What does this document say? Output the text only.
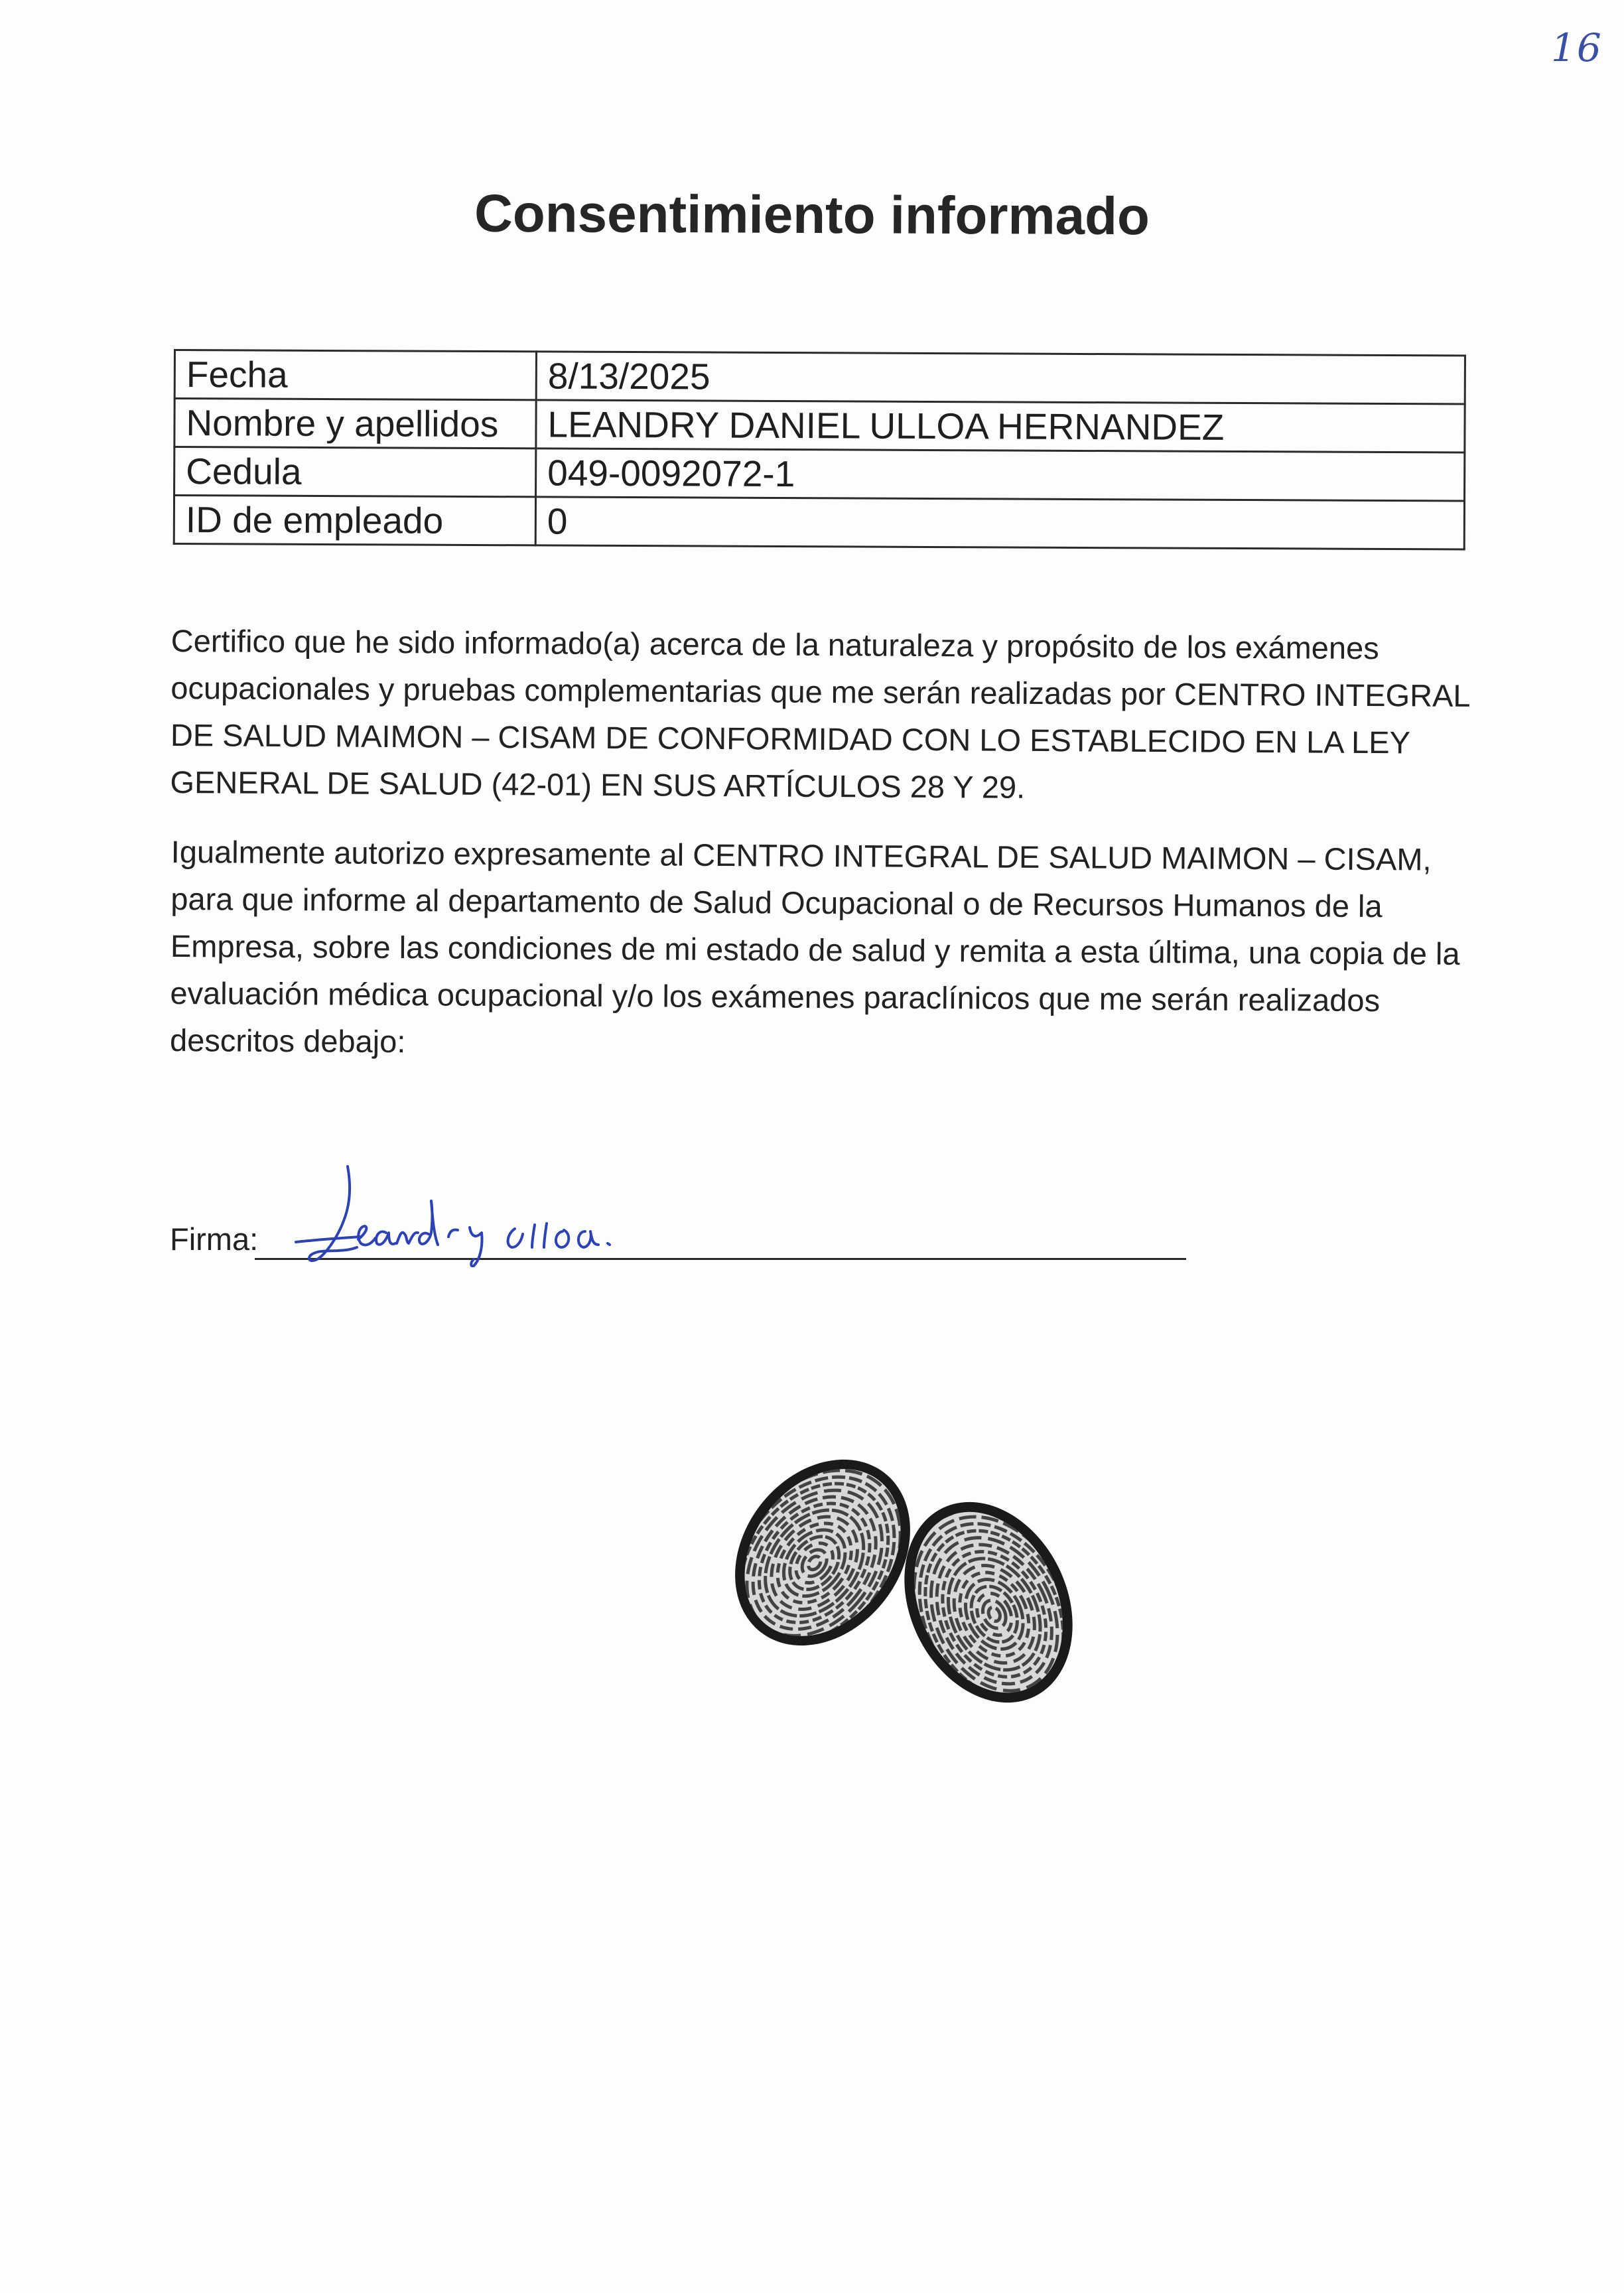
16
Consentimiento informado
Fecha	8/13/2025
Nombre y apellidos	LEANDRY DANIEL ULLOA HERNANDEZ
Cedula	049-0092072-1
ID de empleado	0

Certifico que he sido informado(a) acerca de la naturaleza y propósito de los exámenes ocupacionales y pruebas complementarias que me serán realizadas por CENTRO INTEGRAL DE SALUD MAIMON – CISAM DE CONFORMIDAD CON LO ESTABLECIDO EN LA LEY GENERAL DE SALUD (42-01) EN SUS ARTÍCULOS 28 Y 29.

Igualmente autorizo expresamente al CENTRO INTEGRAL DE SALUD MAIMON – CISAM, para que informe al departamento de Salud Ocupacional o de Recursos Humanos de la Empresa, sobre las condiciones de mi estado de salud y remita a esta última, una copia de la evaluación médica ocupacional y/o los exámenes paraclínicos que me serán realizados descritos debajo:

Firma:
